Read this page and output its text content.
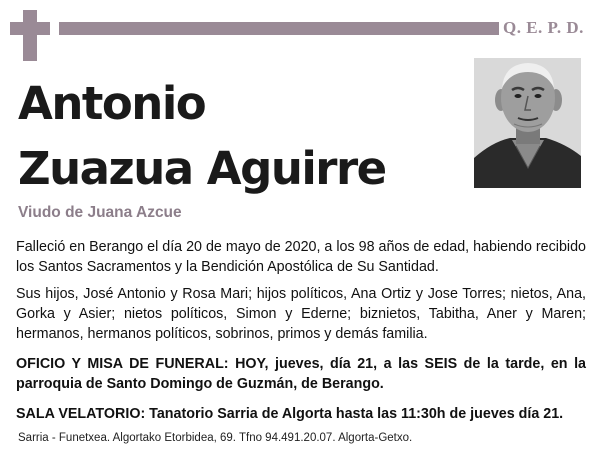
Q. E. P. D.
Antonio
Zuazua Aguirre
Viudo de Juana Azcue
Falleció en Berango el día 20 de mayo de 2020, a los 98 años de edad, habiendo recibido los Santos Sacramentos y la Bendición Apostólica de Su Santidad.
Sus hijos, José Antonio y Rosa Mari; hijos políticos, Ana Ortiz y Jose Torres; nietos, Ana, Gorka y Asier; nietos políticos, Simon y Ederne; biznietos, Tabitha, Aner y Maren; hermanos, hermanos políticos, sobrinos, primos y demás familia.
OFICIO Y MISA DE FUNERAL: HOY, jueves, día 21, a las SEIS de la tarde, en la parroquia de Santo Domingo de Guzmán, de Berango.
SALA VELATORIO: Tanatorio Sarria de Algorta hasta las 11:30h de jueves día 21.
Sarria - Funetxea. Algortako Etorbidea, 69. Tfno 94.491.20.07. Algorta-Getxo.
